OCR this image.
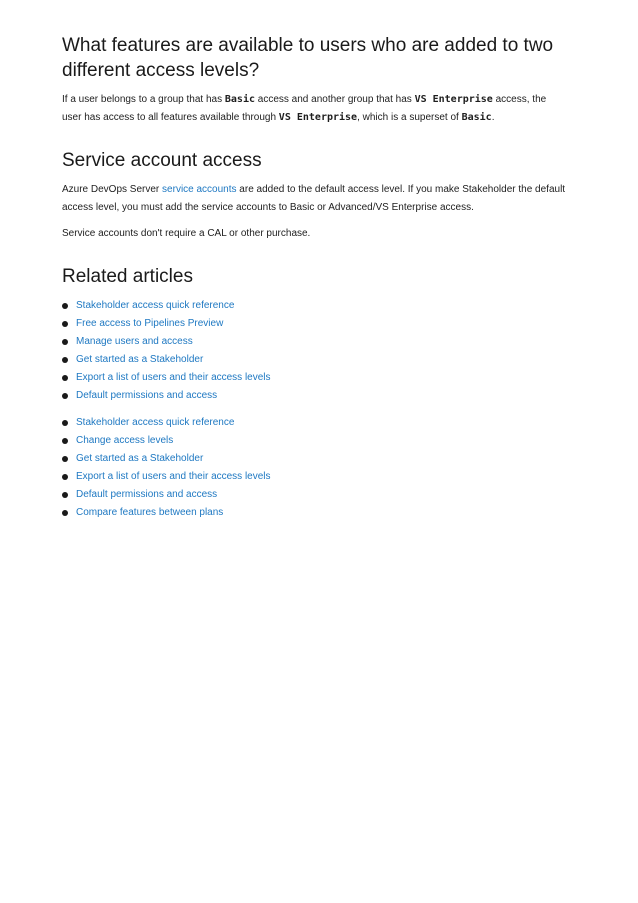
What features are available to users who are added to two different access levels?

If a user belongs to a group that has Basic access and another group that has VS Enterprise access, the user has access to all features available through VS Enterprise, which is a superset of Basic.

Service account access

Azure DevOps Server service accounts are added to the default access level. If you make Stakeholder the default access level, you must add the service accounts to Basic or Advanced/VS Enterprise access.

Service accounts don't require a CAL or other purchase.

Related articles
Stakeholder access quick reference
Free access to Pipelines Preview
Manage users and access
Get started as a Stakeholder
Export a list of users and their access levels
Default permissions and access
Stakeholder access quick reference
Change access levels
Get started as a Stakeholder
Export a list of users and their access levels
Default permissions and access
Compare features between plans
